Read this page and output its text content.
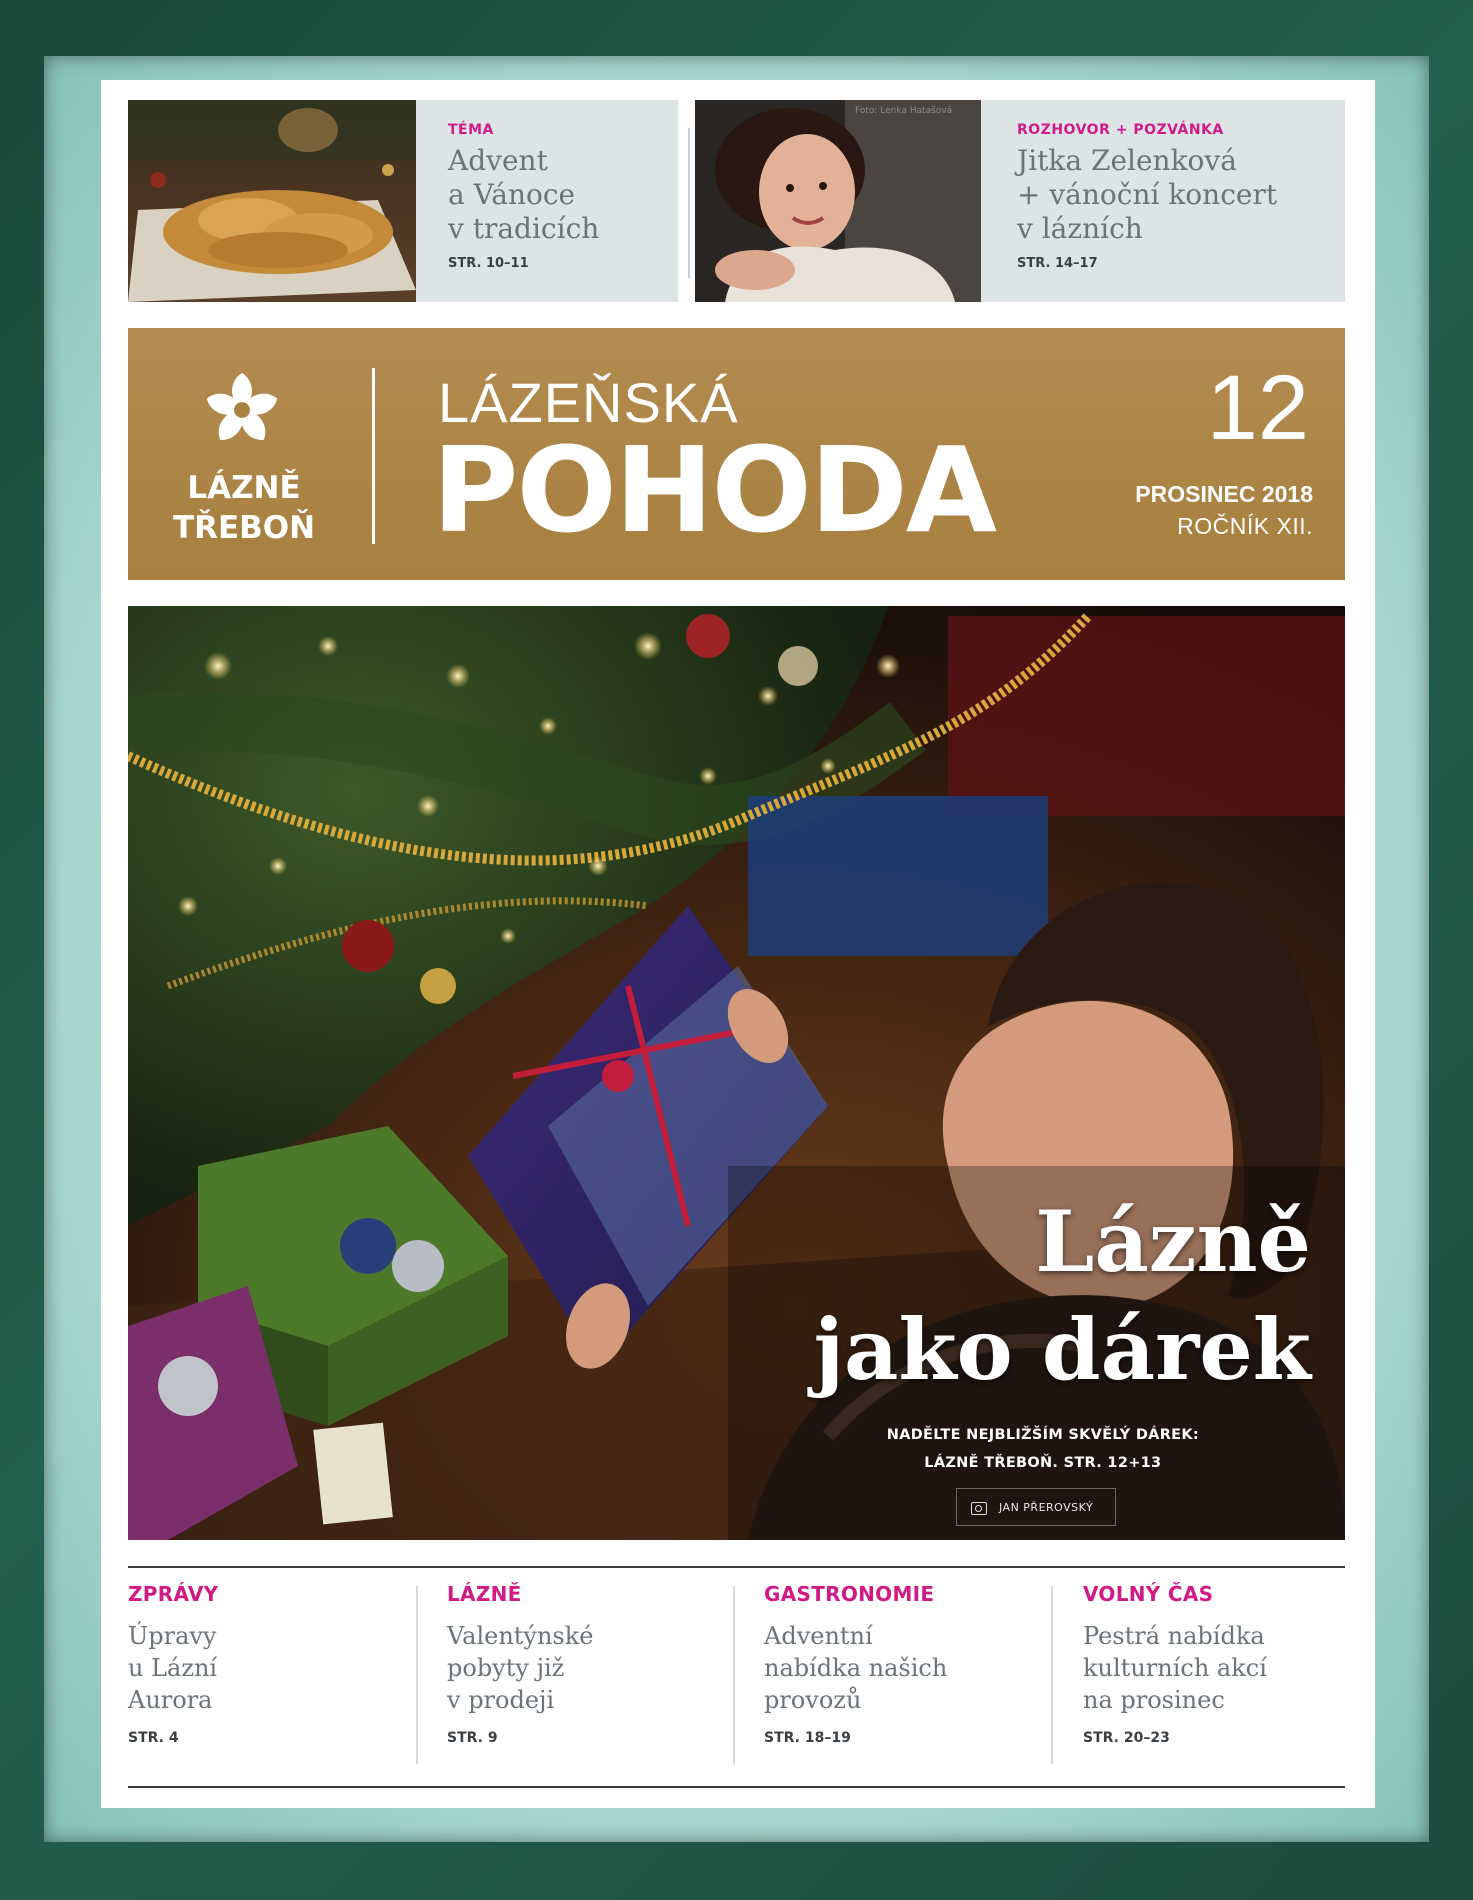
TÉMA
Advent
a Vánoce
v tradicích
STR. 10–11
Foto: Lenka Hatašová
ROZHOVOR + POZVÁNKA
Jitka Zelenková
+ vánoční koncert
v lázních
STR. 14–17
LÁZNĚ
TŘEBOŇ
LÁZEŇSKÁ
POHODA
12
PROSINEC 2018
ROČNÍK XII.
Lázně
jako dárek
NADĚLTE NEJBLIŽŠÍM SKVĚLÝ DÁREK:
LÁZNĚ TŘEBOŇ. STR. 12+13
JAN PŘEROVSKÝ
ZPRÁVY
Úpravy
u Lázní
Aurora
STR. 4
LÁZNĚ
Valentýnské
pobyty již
v prodeji
STR. 9
GASTRONOMIE
Adventní
nabídka našich
provozů
STR. 18–19
VOLNÝ ČAS
Pestrá nabídka
kulturních akcí
na prosinec
STR. 20–23
